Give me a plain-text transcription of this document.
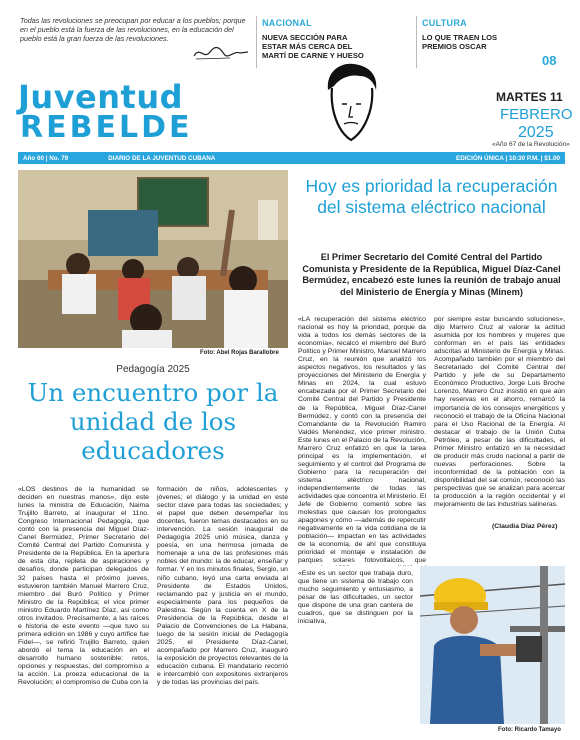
Todas las revoluciones se preocupan por educar a los pueblos; porque en el pueblo está la fuerza de las revoluciones, en la educación del pueblo está la gran fuerza de las revoluciones.
NACIONAL
NUEVA SECCIÓN PARA ESTAR MÁS CERCA DEL MARTÍ DE CARNE Y HUESO
CULTURA
LO QUE TRAEN LOS PREMIOS OSCAR
08
Juventud
REBELDE
MARTES 11
FEBRERO
2025
«Año 67 de la Revolución»
Año 60 | No. 79	DIARIO DE LA JUVENTUD CUBANA	EDICIÓN ÚNICA | 10:30 P.M. | $1.00
Foto: Abel Rojas Barallobre
Pedagogía 2025
Un encuentro por la unidad de los educadores
«LOS destinos de la humanidad se deciden en nuestras manos», dijo este lunes la ministra de Educación, Naima Trujillo Barreto, al inaugurar el 11no. Congreso Internacional Pedagogía, que contó con la presencia del Miguel Díaz-Canel Bermúdez, Primer Secretario del Comité Central del Partido Comunista y Presidente de la República. En la apertura de esta cita, repleta de aspiraciones y desafíos, donde participan delegados de 32 países hasta el próximo jueves, estuvieron también Manuel Marrero Cruz, miembro del Buró Político y Primer Ministro de la República; el vice primer ministro Eduardo Martínez Díaz, así como otros invitados. Precisamente, a las raíces e historia de este evento —que tuvo su primera edición en 1986 y cuyo artífice fue Fidel—, se refirió Trujillo Barreto, quien abordó el tema la educación en el desarrollo humano sostenible: retos, opciones y respuestas, del compromiso a la acción. La proeza educacional de la Revolución; el compromiso de Cuba con la
formación de niños, adolescentes y jóvenes; el diálogo y la unidad en este sector clave para todas las sociedades; y el papel que deben desempeñar los docentes, fueron temas destacados en su intervención. La sesión inaugural de Pedagogía 2025 unió música, danza y poesía, en una hermosa jornada de homenaje a una de las profesiones más nobles del mundo: la de educar, enseñar y formar. Y en los minutos finales, Sergio, un niño cubano, leyó una carta enviada al Presidente de Estados Unidos, reclamando paz y justicia en el mundo, especialmente para los pequeños de Palestina. Según la cuenta en X de la Presidencia de la República, desde el Palacio de Convenciones de La Habana, luego de la sesión inicial de Pedagogía 2025, el Presidente Díaz-Canel, acompañado por Marrero Cruz, inauguró la exposición de proyectos relevantes de la educación cubana. El mandatario recorrió e intercambió con expositores extranjeros y de todas las provincias del país.
Hoy es prioridad la recuperación del sistema eléctrico nacional
El Primer Secretario del Comité Central del Partido Comunista y Presidente de la República, Miguel Díaz-Canel Bermúdez, encabezó este lunes la reunión de trabajo anual del Ministerio de Energía y Minas (Minem)
«LA recuperación del sistema eléctrico nacional es hoy la prioridad, porque da vida a todos los demás sectores de la economía», recalcó el miembro del Buró Político y Primer Ministro, Manuel Marrero Cruz, en la reunión que analizó los aspectos negativos, los resultados y las proyecciones del Ministerio de Energía y Minas en 2024, la cual estuvo encabezada por el Primer Secretario del Comité Central del Partido y Presidente de la República, Miguel Díaz-Canel Bermúdez, y contó con la presencia del Comandante de la Revolución Ramiro Valdés Menéndez, vice primer ministro. Este lunes en el Palacio de la Revolución, Marrero Cruz enfatizó en que la tarea principal es la implementación, el seguimiento y el control del Programa de Gobierno para la recuperación del sistema eléctrico nacional, independientemente de todas las actividades que concentra el Ministerio. El Jefe de Gobierno comentó sobre las molestias que causan los prolongados apagones y cómo —además de repercutir negativamente en la vida cotidiana de la población— impactan en las actividades de la economía, de ahí que constituya prioridad el montaje e instalación de parques solares fotovoltaicos, que
«Este es un sector que trabaja duro, que tiene un sistema de trabajo con mucho seguimiento y entusiasmo, a pesar de las dificultades, un sector que dispone de una gran cantera de cuadros, que se distinguen por la iniciativa,
por siempre estar buscando soluciones», dijo Marrero Cruz al valorar la actitud asumida por los hombres y mujeres que conforman en el país las entidades adscritas al Ministerio de Energía y Minas. Acompañado también por el miembro del Secretariado del Comité Central del Partido y jefe de su Departamento Económico Productivo, Jorge Luis Broche Lorenzo, Marrero Cruz insistió en que aún hay reservas en el ahorro, remarcó la importancia de los consejos energéticos y reconoció el trabajo de la Oficina Nacional para el Uso Racional de la Energía. Al destacar el trabajo de la Unión Cuba Petróleo, a pesar de las dificultades, el Primer Ministro enfatizó en la necesidad de producir más crudo nacional a partir de nuevas perforaciones. Sobre la inconformidad de la población con la disponibilidad del sal común, reconoció las perspectivas que se analizan para acercar la producción a la región occidental y el mejoramiento de las industrias salineras.
(Claudia Díaz Pérez)
Foto: Ricardo Tamayo
